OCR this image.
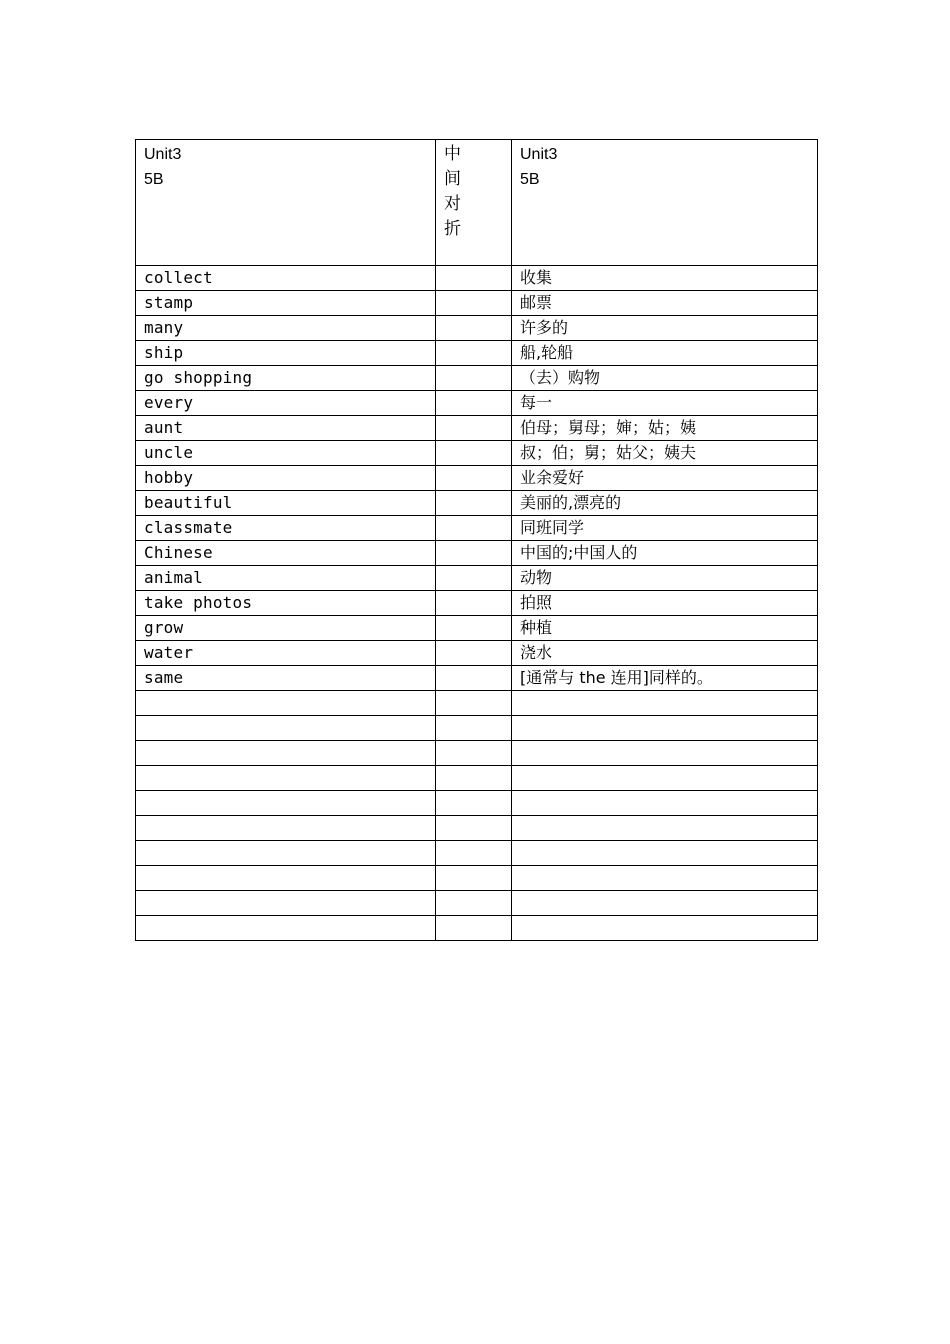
Unit3
5B	中
间
对
折	Unit3
5B

collect		收集
stamp		邮票
many		许多的
ship		船,轮船
go shopping		（去）购物
every		每一
aunt		伯母；舅母；婶；姑；姨
uncle		叔；伯；舅；姑父；姨夫
hobby		业余爱好
beautiful		美丽的,漂亮的
classmate		同班同学
Chinese		中国的;中国人的
animal		动物
take photos		拍照
grow		种植
water		浇水
same		[通常与 the 连用]同样的。
